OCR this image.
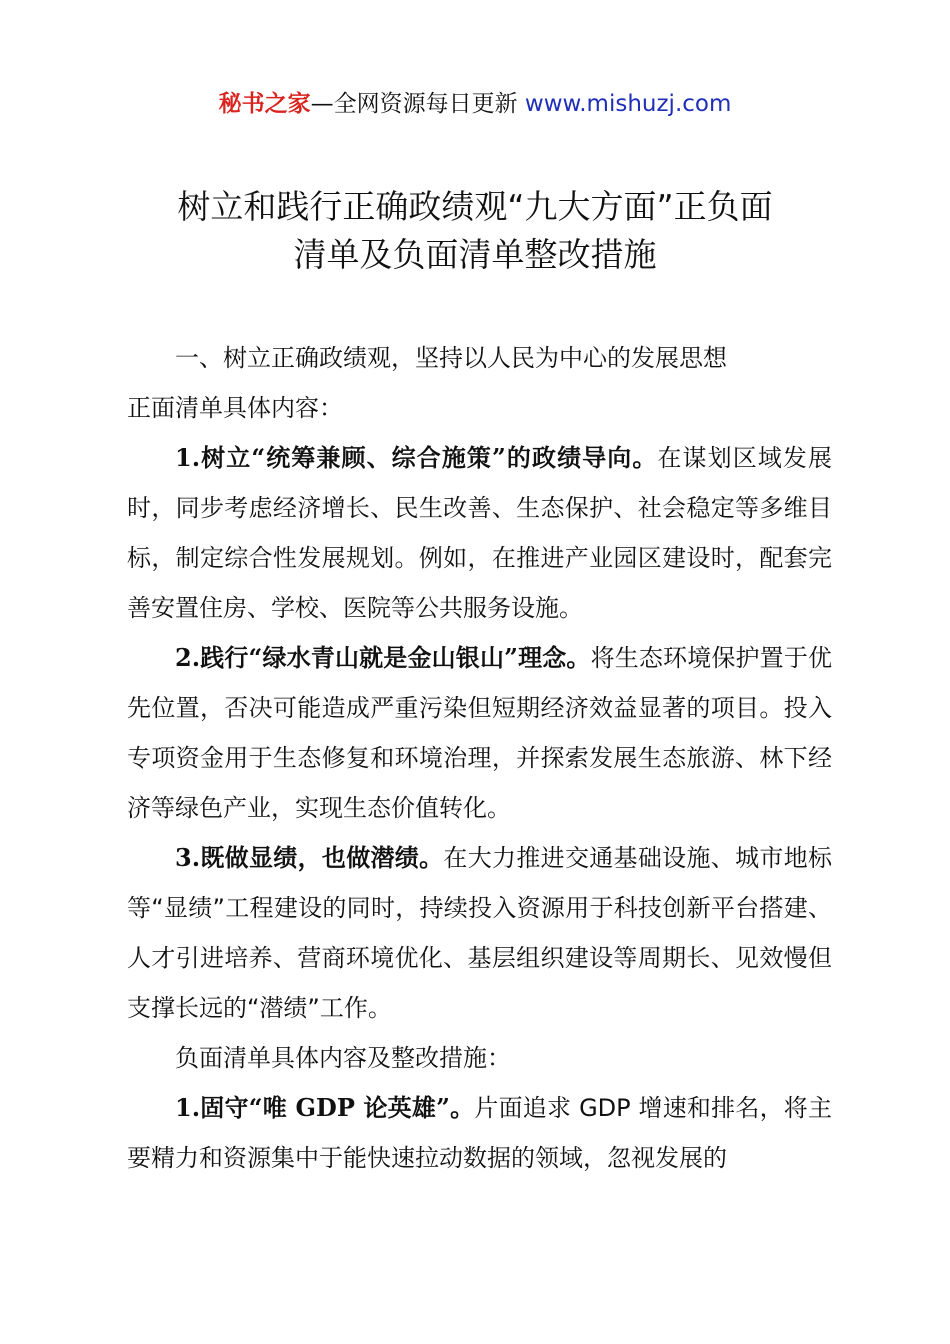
秘书之家—全网资源每日更新 www.mishuzj.com
树立和践行正确政绩观“九大方面”正负面
清单及负面清单整改措施

一、树立正确政绩观，坚持以人民为中心的发展思想

正面清单具体内容：

1.树立“统筹兼顾、综合施策”的政绩导向。在谋划区域发展时，同步考虑经济增长、民生改善、生态保护、社会稳定等多维目标，制定综合性发展规划。例如，在推进产业园区建设时，配套完善安置住房、学校、医院等公共服务设施。

2.践行“绿水青山就是金山银山”理念。将生态环境保护置于优先位置，否决可能造成严重污染但短期经济效益显著的项目。投入专项资金用于生态修复和环境治理，并探索发展生态旅游、林下经济等绿色产业，实现生态价值转化。

3.既做显绩，也做潜绩。在大力推进交通基础设施、城市地标等“显绩”工程建设的同时，持续投入资源用于科技创新平台搭建、人才引进培养、营商环境优化、基层组织建设等周期长、见效慢但支撑长远的“潜绩”工作。

负面清单具体内容及整改措施：

1.固守“唯 GDP 论英雄”。片面追求 GDP 增速和排名，将主要精力和资源集中于能快速拉动数据的领域，忽视发展的
